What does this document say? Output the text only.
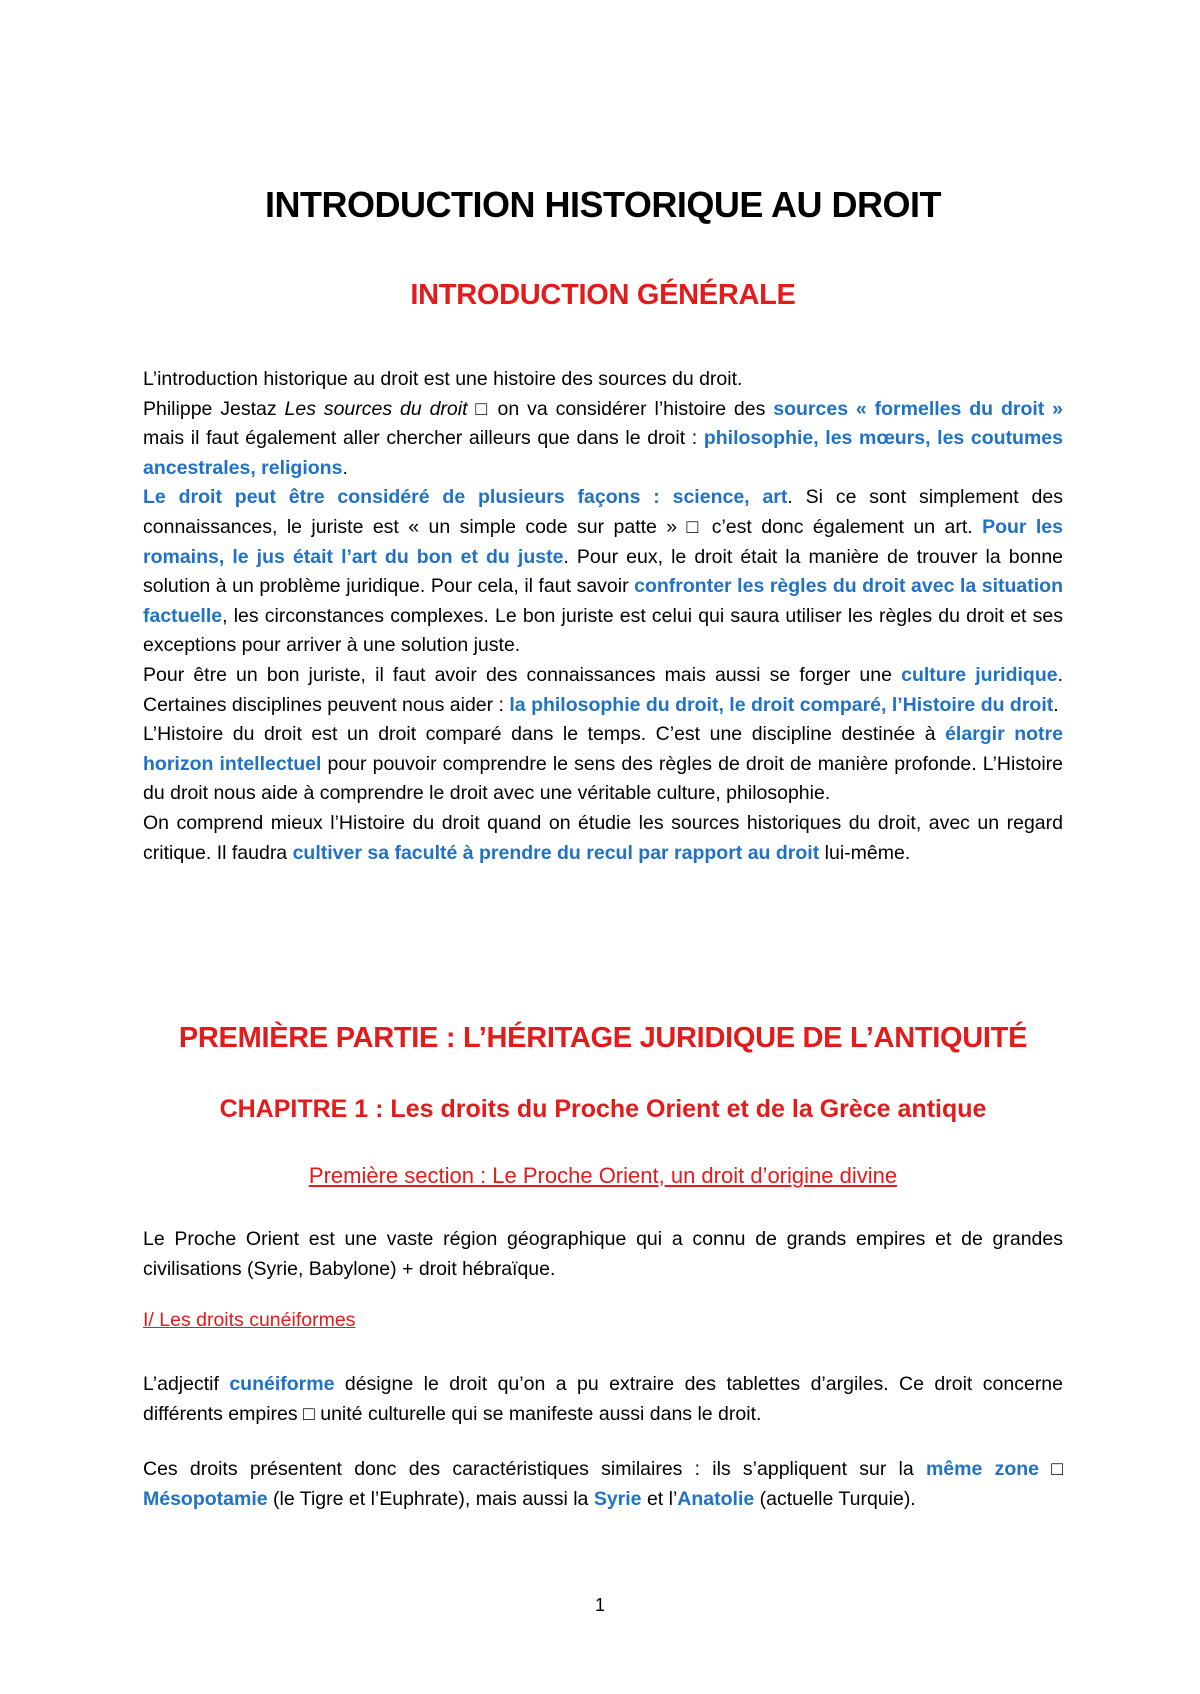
INTRODUCTION HISTORIQUE AU DROIT
INTRODUCTION GÉNÉRALE

L’introduction historique au droit est une histoire des sources du droit.

Philippe Jestaz Les sources du droit □ on va considérer l’histoire des sources « formelles du droit » mais il faut également aller chercher ailleurs que dans le droit : philosophie, les mœurs, les coutumes ancestrales, religions.

Le droit peut être considéré de plusieurs façons : science, art. Si ce sont simplement des connaissances, le juriste est « un simple code sur patte » □ c’est donc également un art. Pour les romains, le jus était l’art du bon et du juste. Pour eux, le droit était la manière de trouver la bonne solution à un problème juridique. Pour cela, il faut savoir confronter les règles du droit avec la situation factuelle, les circonstances complexes. Le bon juriste est celui qui saura utiliser les règles du droit et ses exceptions pour arriver à une solution juste.

Pour être un bon juriste, il faut avoir des connaissances mais aussi se forger une culture juridique. Certaines disciplines peuvent nous aider : la philosophie du droit, le droit comparé, l’Histoire du droit.

L’Histoire du droit est un droit comparé dans le temps. C’est une discipline destinée à élargir notre horizon intellectuel pour pouvoir comprendre le sens des règles de droit de manière profonde. L’Histoire du droit nous aide à comprendre le droit avec une véritable culture, philosophie.

On comprend mieux l’Histoire du droit quand on étudie les sources historiques du droit, avec un regard critique. Il faudra cultiver sa faculté à prendre du recul par rapport au droit lui-même.

PREMIÈRE PARTIE : L’HÉRITAGE JURIDIQUE DE L’ANTIQUITÉ
CHAPITRE 1 : Les droits du Proche Orient et de la Grèce antique
Première section : Le Proche Orient, un droit d’origine divine
Le Proche Orient est une vaste région géographique qui a connu de grands empires et de grandes civilisations (Syrie, Babylone) + droit hébraïque.
I/ Les droits cunéiformes
L’adjectif cunéiforme désigne le droit qu’on a pu extraire des tablettes d’argiles. Ce droit concerne différents empires □ unité culturelle qui se manifeste aussi dans le droit.
Ces droits présentent donc des caractéristiques similaires : ils s’appliquent sur la même zone □ Mésopotamie (le Tigre et l’Euphrate), mais aussi la Syrie et l’Anatolie (actuelle Turquie).
1
